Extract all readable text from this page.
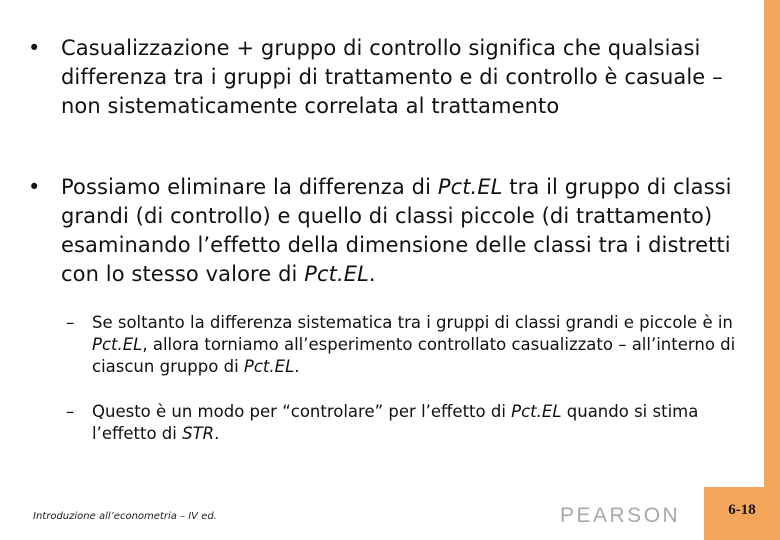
• Casualizzazione + gruppo di controllo significa che qualsiasi differenza tra i gruppi di trattamento e di controllo è casuale – non sistematicamente correlata al trattamento
• Possiamo eliminare la differenza di Pct.EL tra il gruppo di classi grandi (di controllo) e quello di classi piccole (di trattamento) esaminando l’effetto della dimensione delle classi tra i distretti con lo stesso valore di Pct.EL.
– Se soltanto la differenza sistematica tra i gruppi di classi grandi e piccole è in Pct.EL, allora torniamo all’esperimento controllato casualizzato – all’interno di ciascun gruppo di Pct.EL.
– Questo è un modo per “controlare” per l’effetto di Pct.EL quando si stima l’effetto di STR.
Introduzione all’econometria – IV ed.	PEARSON	6-18
